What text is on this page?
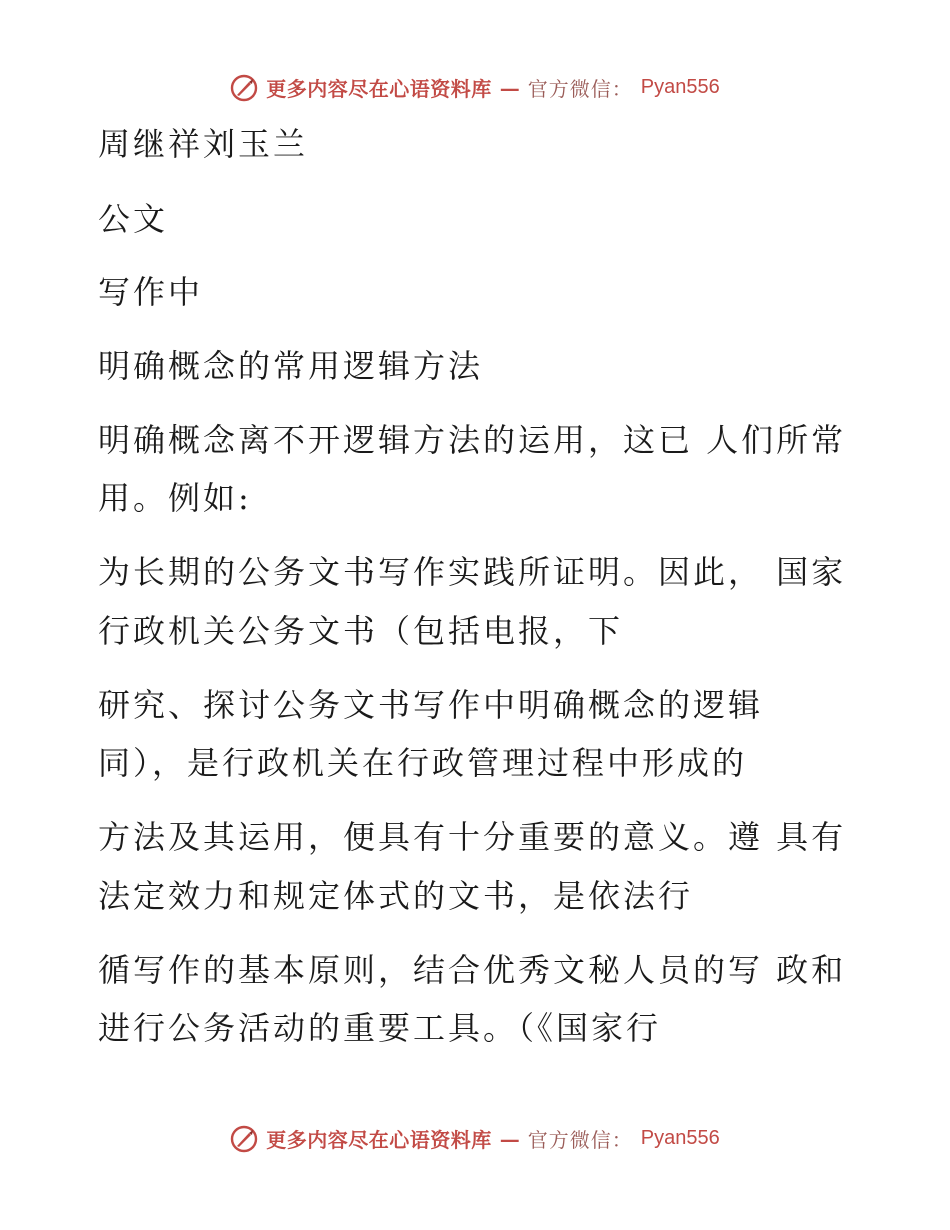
更多内容尽在心语资料库 — 官方微信： Pyan556
周继祥刘玉兰
公文
写作中
明确概念的常用逻辑方法
明确概念离不开逻辑方法的运用，这已 人们所常
用。例如:
为长期的公务文书写作实践所证明。因此， 国家
行政机关公务文书（包括电报，下
研究、探讨公务文书写作中明确概念的逻辑
同），是行政机关在行政管理过程中形成的
方法及其运用，便具有十分重要的意义。遵 具有
法定效力和规定体式的文书，是依法行
循写作的基本原则，结合优秀文秘人员的写 政和
进行公务活动的重要工具。（《国家行
更多内容尽在心语资料库 — 官方微信： Pyan556
